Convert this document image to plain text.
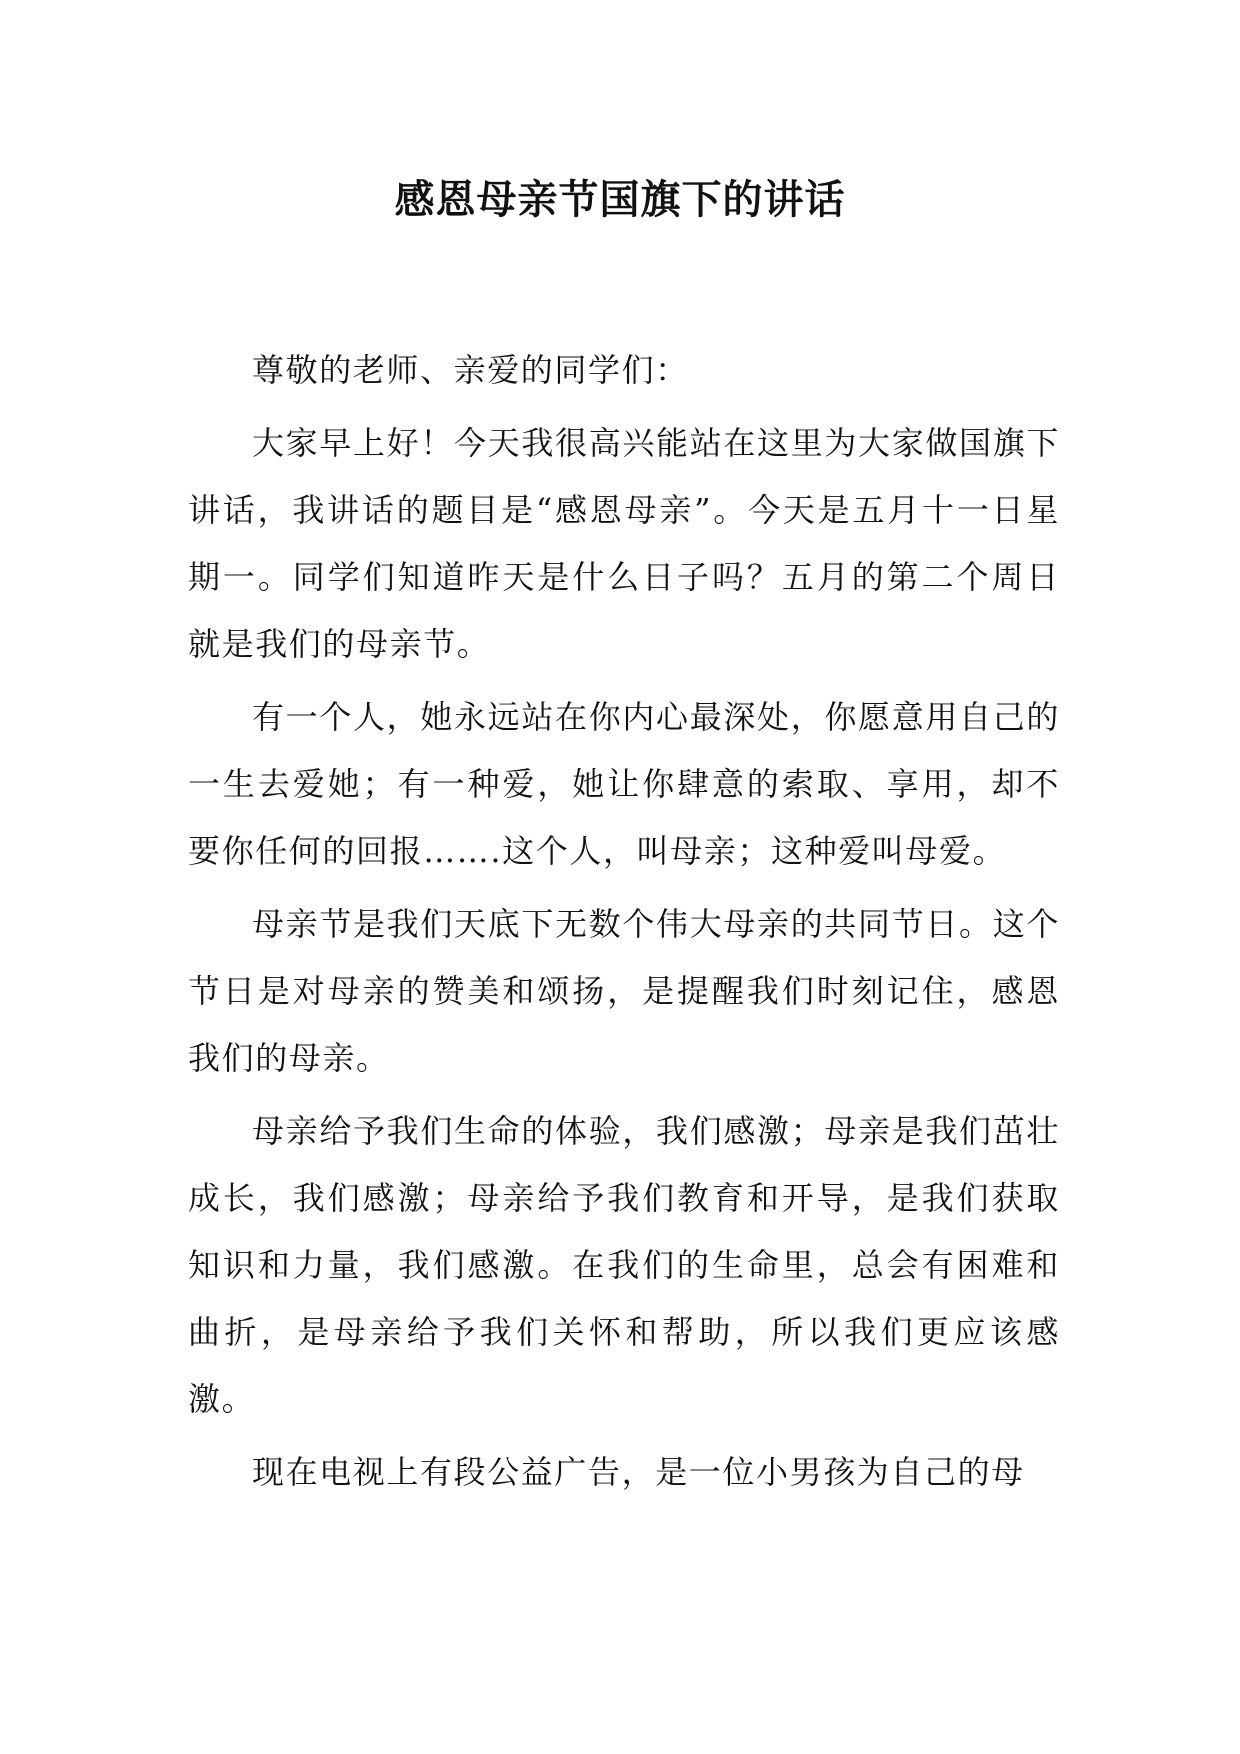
感恩母亲节国旗下的讲话

尊敬的老师、亲爱的同学们：

大家早上好！今天我很高兴能站在这里为大家做国旗下讲话，我讲话的题目是“感恩母亲”。今天是五月十一日星期一。同学们知道昨天是什么日子吗？五月的第二个周日就是我们的母亲节。

有一个人，她永远站在你内心最深处，你愿意用自己的一生去爱她；有一种爱，她让你肆意的索取、享用，却不要你任何的回报…….这个人，叫母亲；这种爱叫母爱。

母亲节是我们天底下无数个伟大母亲的共同节日。这个节日是对母亲的赞美和颂扬，是提醒我们时刻记住，感恩我们的母亲。

母亲给予我们生命的体验，我们感激；母亲是我们茁壮成长，我们感激；母亲给予我们教育和开导，是我们获取知识和力量，我们感激。在我们的生命里，总会有困难和曲折，是母亲给予我们关怀和帮助，所以我们更应该感激。

现在电视上有段公益广告，是一位小男孩为自己的母
